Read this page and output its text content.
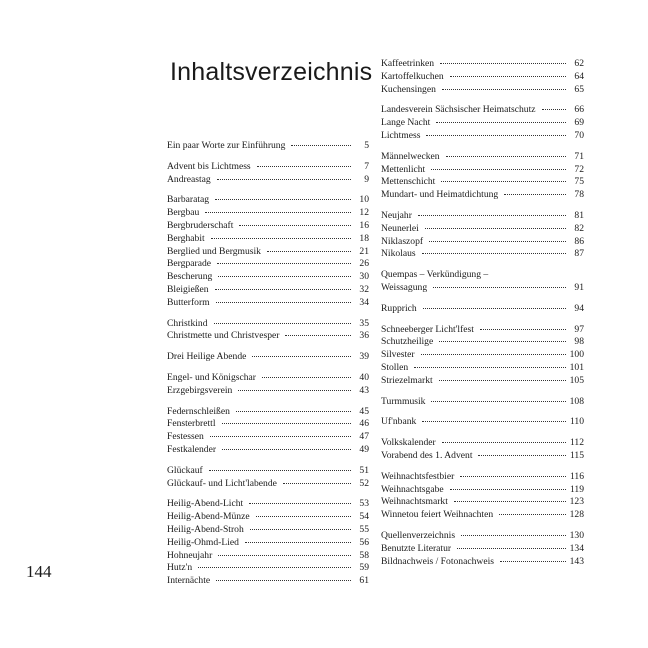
Inhaltsverzeichnis
Ein paar Worte zur Einführung	5
Advent bis Lichtmess	7
Andreastag	9
Barbaratag	10
Bergbau	12
Bergbruderschaft	16
Berghabit	18
Berglied und Bergmusik	21
Bergparade	26
Bescherung	30
Bleigießen	32
Butterform	34
Christkind	35
Christmette und Christvesper	36
Drei Heilige Abende	39
Engel- und Königschar	40
Erzgebirgsverein	43
Federnschleißen	45
Fensterbrettl	46
Festessen	47
Festkalender	49
Glückauf	51
Glückauf- und Licht'labende	52
Heilig-Abend-Licht	53
Heilig-Abend-Münze	54
Heilig-Abend-Stroh	55
Heilig-Ohmd-Lied	56
Hohneujahr	58
Hutz'n	59
Internächte	61
Kaffeetrinken	62
Kartoffelkuchen	64
Kuchensingen	65
Landesverein Sächsischer Heimatschutz	66
Lange Nacht	69
Lichtmess	70
Männelwecken	71
Mettenlicht	72
Mettenschicht	75
Mundart- und Heimatdichtung	78
Neujahr	81
Neunerlei	82
Niklaszopf	86
Nikolaus	87
Quempas – Verkündigung –
Weissagung	91
Rupprich	94
Schneeberger Licht'lfest	97
Schutzheilige	98
Silvester	100
Stollen	101
Striezelmarkt	105
Turmmusik	108
Uf'nbank	110
Volkskalender	112
Vorabend des 1. Advent	115
Weihnachtsfestbier	116
Weihnachtsgabe	119
Weihnachtsmarkt	123
Winnetou feiert Weihnachten	128
Quellenverzeichnis	130
Benutzte Literatur	134
Bildnachweis / Fotonachweis	143
144
